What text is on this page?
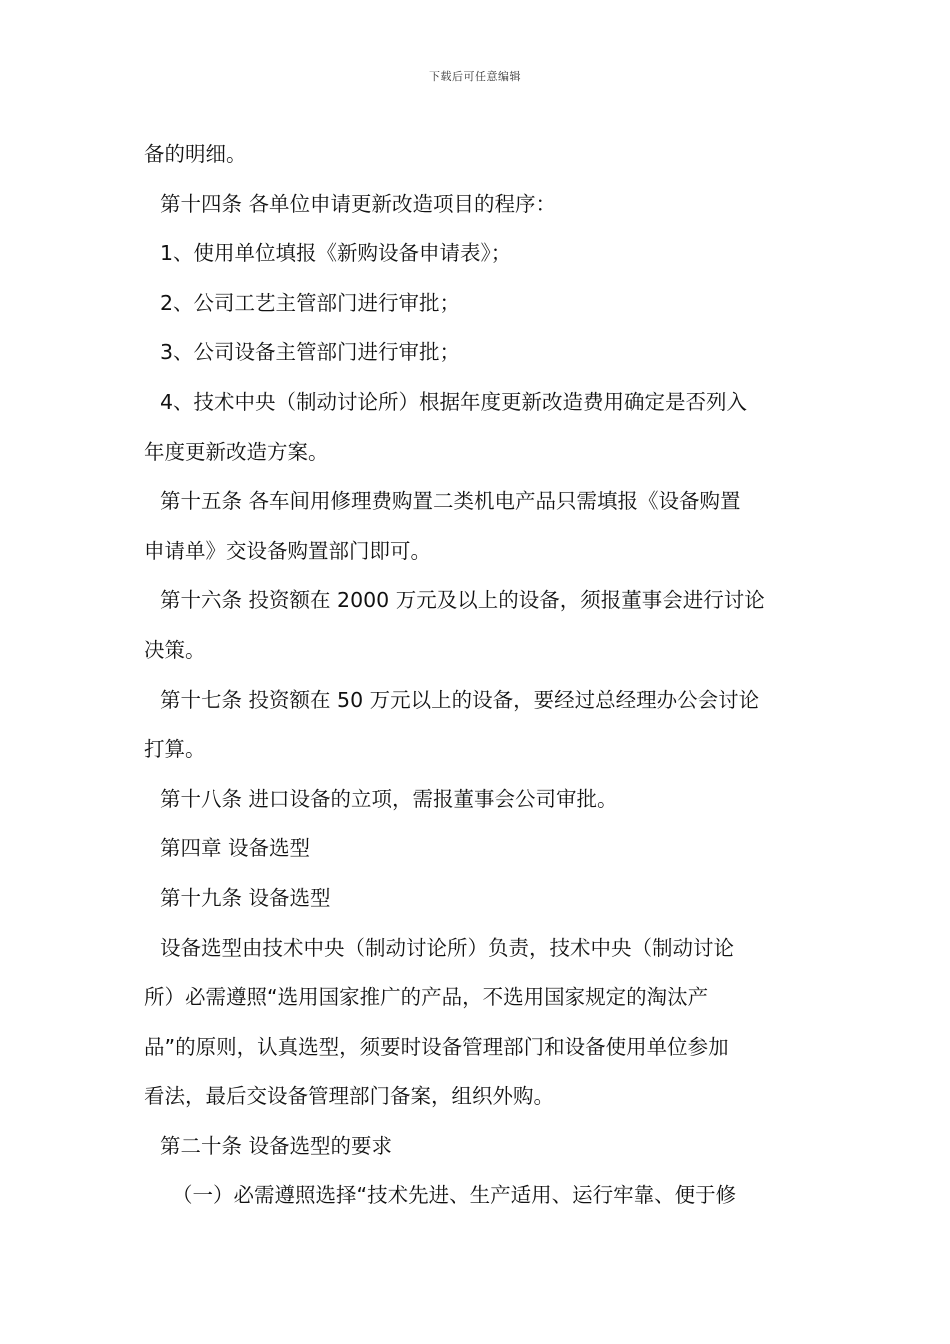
下载后可任意编辑
备的明细。
第十四条 各单位申请更新改造项目的程序：
1、使用单位填报《新购设备申请表》；
2、公司工艺主管部门进行审批；
3、公司设备主管部门进行审批；
4、技术中央（制动讨论所）根据年度更新改造费用确定是否列入
年度更新改造方案。
第十五条 各车间用修理费购置二类机电产品只需填报《设备购置
申请单》交设备购置部门即可。
第十六条 投资额在 2000 万元及以上的设备，须报董事会进行讨论
决策。
第十七条 投资额在 50 万元以上的设备，要经过总经理办公会讨论
打算。
第十八条 进口设备的立项，需报董事会公司审批。
第四章 设备选型
第十九条 设备选型
设备选型由技术中央（制动讨论所）负责，技术中央（制动讨论
所）必需遵照“选用国家推广的产品，不选用国家规定的淘汰产
品”的原则，认真选型，须要时设备管理部门和设备使用单位参加
看法，最后交设备管理部门备案，组织外购。
第二十条 设备选型的要求
（一）必需遵照选择“技术先进、生产适用、运行牢靠、便于修
